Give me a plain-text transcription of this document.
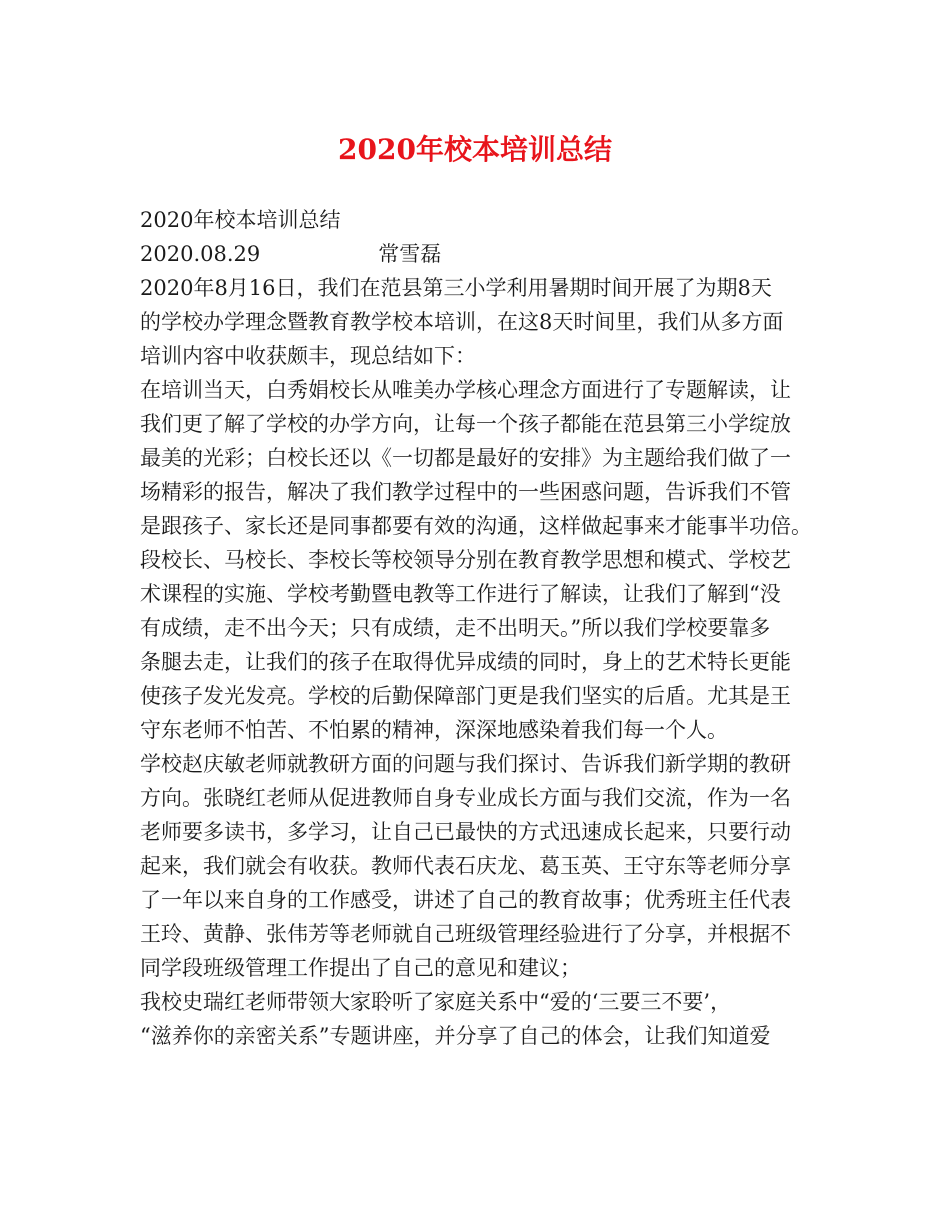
2020年校本培训总结
2020年校本培训总结
2020.08.29	常雪磊
2020年8月16日，我们在范县第三小学利用暑期时间开展了为期8天
的学校办学理念暨教育教学校本培训，在这8天时间里，我们从多方面
培训内容中收获颇丰，现总结如下：
在培训当天，白秀娟校长从唯美办学核心理念方面进行了专题解读，让
我们更了解了学校的办学方向，让每一个孩子都能在范县第三小学绽放
最美的光彩；白校长还以《一切都是最好的安排》为主题给我们做了一
场精彩的报告，解决了我们教学过程中的一些困惑问题，告诉我们不管
是跟孩子、家长还是同事都要有效的沟通，这样做起事来才能事半功倍。
段校长、马校长、李校长等校领导分别在教育教学思想和模式、学校艺
术课程的实施、学校考勤暨电教等工作进行了解读，让我们了解到“没
有成绩，走不出今天；只有成绩，走不出明天。”所以我们学校要靠多
条腿去走，让我们的孩子在取得优异成绩的同时，身上的艺术特长更能
使孩子发光发亮。学校的后勤保障部门更是我们坚实的后盾。尤其是王
守东老师不怕苦、不怕累的精神，深深地感染着我们每一个人。
学校赵庆敏老师就教研方面的问题与我们探讨、告诉我们新学期的教研
方向。张晓红老师从促进教师自身专业成长方面与我们交流，作为一名
老师要多读书，多学习，让自己已最快的方式迅速成长起来，只要行动
起来，我们就会有收获。教师代表石庆龙、葛玉英、王守东等老师分享
了一年以来自身的工作感受，讲述了自己的教育故事；优秀班主任代表
王玲、黄静、张伟芳等老师就自己班级管理经验进行了分享，并根据不
同学段班级管理工作提出了自己的意见和建议；
我校史瑞红老师带领大家聆听了家庭关系中“爱的‘三要三不要’，
“滋养你的亲密关系”专题讲座，并分享了自己的体会，让我们知道爱
